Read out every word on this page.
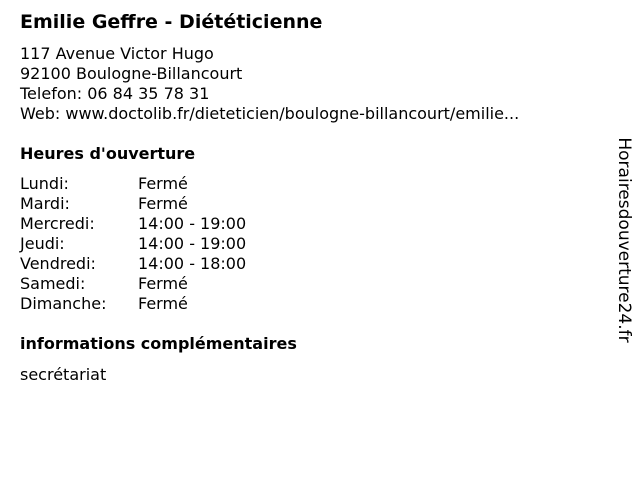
Emilie Geffre - Diététicienne
117 Avenue Victor Hugo
92100 Boulogne-Billancourt
Telefon: 06 84 35 78 31
Web: www.doctolib.fr/dieteticien/boulogne-billancourt/emilie...
Heures d'ouverture
Lundi:	Fermé
Mardi:	Fermé
Mercredi:	14:00 - 19:00
Jeudi:	14:00 - 19:00
Vendredi:	14:00 - 18:00
Samedi:	Fermé
Dimanche: Fermé
informations complémentaires
secrétariat
Horairesdouverture24.fr
